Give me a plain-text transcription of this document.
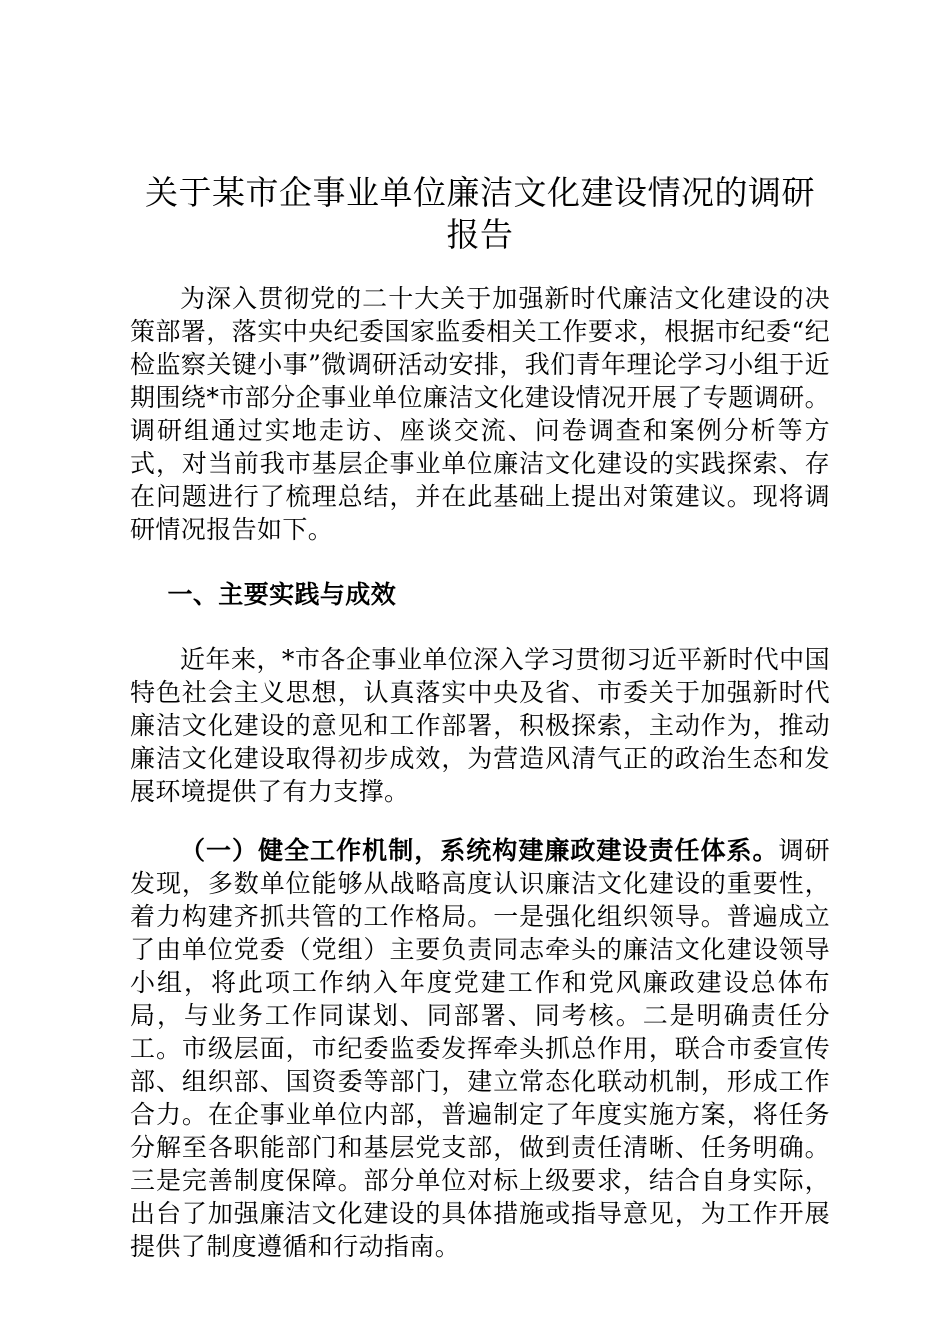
关于某市企事业单位廉洁文化建设情况的调研报告

为深入贯彻党的二十大关于加强新时代廉洁文化建设的决策部署，落实中央纪委国家监委相关工作要求，根据市纪委“纪检监察关键小事”微调研活动安排，我们青年理论学习小组于近期围绕*市部分企事业单位廉洁文化建设情况开展了专题调研。调研组通过实地走访、座谈交流、问卷调查和案例分析等方式，对当前我市基层企事业单位廉洁文化建设的实践探索、存在问题进行了梳理总结，并在此基础上提出对策建议。现将调研情况报告如下。

一、主要实践与成效

近年来，*市各企事业单位深入学习贯彻习近平新时代中国特色社会主义思想，认真落实中央及省、市委关于加强新时代廉洁文化建设的意见和工作部署，积极探索，主动作为，推动廉洁文化建设取得初步成效，为营造风清气正的政治生态和发展环境提供了有力支撑。

（一）健全工作机制，系统构建廉政建设责任体系。调研发现，多数单位能够从战略高度认识廉洁文化建设的重要性，着力构建齐抓共管的工作格局。一是强化组织领导。普遍成立了由单位党委（党组）主要负责同志牵头的廉洁文化建设领导小组，将此项工作纳入年度党建工作和党风廉政建设总体布局，与业务工作同谋划、同部署、同考核。二是明确责任分工。市级层面，市纪委监委发挥牵头抓总作用，联合市委宣传部、组织部、国资委等部门，建立常态化联动机制，形成工作合力。在企事业单位内部，普遍制定了年度实施方案，将任务分解至各职能部门和基层党支部，做到责任清晰、任务明确。三是完善制度保障。部分单位对标上级要求，结合自身实际，出台了加强廉洁文化建设的具体措施或指导意见，为工作开展提供了制度遵循和行动指南。
